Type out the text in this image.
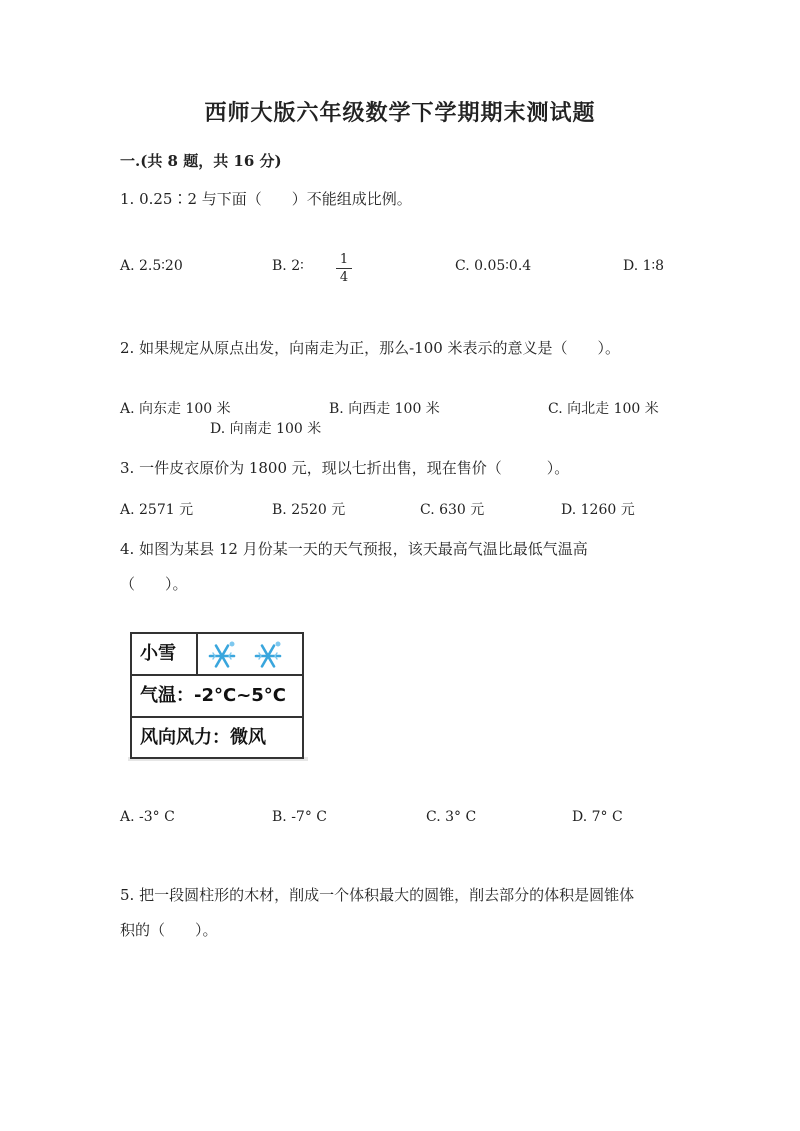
西师大版六年级数学下学期期末测试题
一.(共 8 题，共 16 分)
1. 0.25∶2 与下面（　　）不能组成比例。
A. 2.5∶20	B. 2∶	1
4
C. 0.05∶0.4	D. 1∶8
2. 如果规定从原点出发，向南走为正，那么-100 米表示的意义是（　　）。
A. 向东走 100 米	B. 向西走 100 米	C. 向北走 100 米
D. 向南走 100 米
3. 一件皮衣原价为 1800 元，现以七折出售，现在售价（　　　）。
A. 2571 元	B. 2520 元	C. 630 元	D. 1260 元
4. 如图为某县 12 月份某一天的天气预报，该天最高气温比最低气温高
（　　）。
小雪
气温：-2°C~5°C
风向风力：微风
A. -3° C	B. -7° C	C. 3° C	D. 7° C
5. 把一段圆柱形的木材，削成一个体积最大的圆锥，削去部分的体积是圆锥体
积的（　　）。
